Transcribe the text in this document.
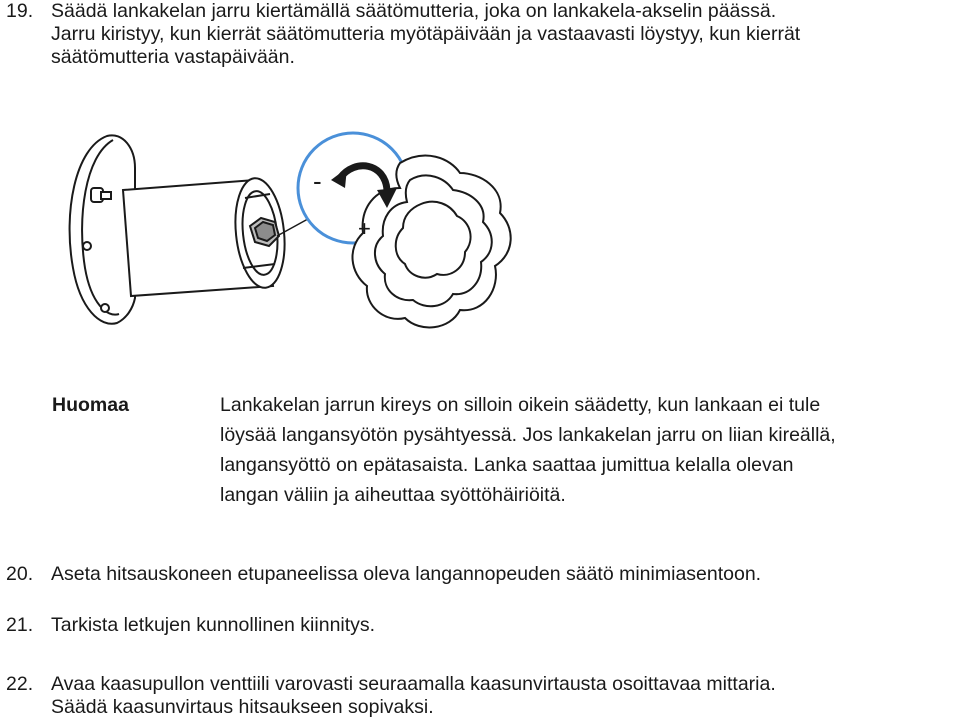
19. Säädä lankakelan jarru kiertämällä säätömutteria, joka on lankakela-akselin päässä.
Jarru kiristyy, kun kierrät säätömutteria myötäpäivään ja vastaavasti löystyy, kun kierrät
säätömutteria vastapäivään.
-
+
Huomaa	Lankakelan jarrun kireys on silloin oikein säädetty, kun lankaan ei tule
löysää langansyötön pysähtyessä. Jos lankakelan jarru on liian kireällä,
langansyöttö on epätasaista. Lanka saattaa jumittua kelalla olevan
langan väliin ja aiheuttaa syöttöhäiriöitä.
20. Aseta hitsauskoneen etupaneelissa oleva langannopeuden säätö minimiasentoon.
21. Tarkista letkujen kunnollinen kiinnitys.
22. Avaa kaasupullon venttiili varovasti seuraamalla kaasunvirtausta osoittavaa mittaria.
Säädä kaasunvirtaus hitsaukseen sopivaksi.
